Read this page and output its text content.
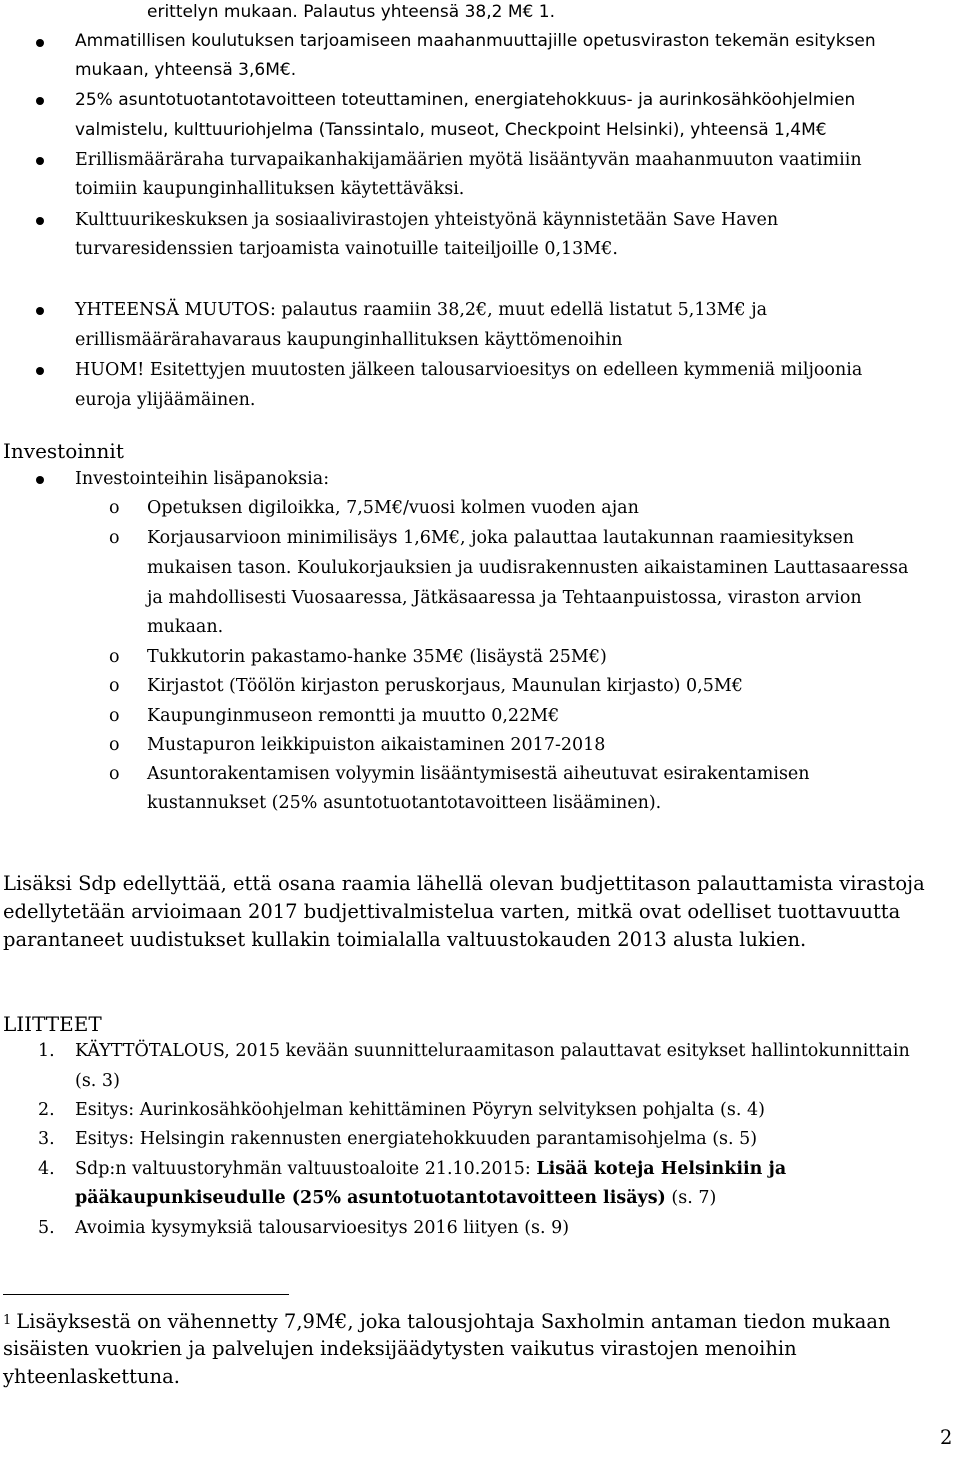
erittelyn mukaan. Palautus yhteensä 38,2 M€ 1.
Ammatillisen koulutuksen tarjoamiseen maahanmuuttajille opetusviraston tekemän esityksen
mukaan, yhteensä 3,6M€.
25% asuntotuotantotavoitteen toteuttaminen, energiatehokkuus- ja aurinkosähköohjelmien
valmistelu, kulttuuriohjelma (Tanssintalo, museot, Checkpoint Helsinki), yhteensä 1,4M€
Erillismääräraha turvapaikanhakijamäärien myötä lisääntyvän maahanmuuton vaatimiin
toimiin kaupunginhallituksen käytettäväksi.
Kulttuurikeskuksen ja sosiaalivirastojen yhteistyönä käynnistetään Save Haven
turvaresidenssien tarjoamista vainotuille taiteiljoille 0,13M€.
YHTEENSÄ MUUTOS: palautus raamiin 38,2€, muut edellä listatut 5,13M€ ja
erillismäärärahavaraus kaupunginhallituksen käyttömenoihin
HUOM! Esitettyjen muutosten jälkeen talousarvioesitys on edelleen kymmeniä miljoonia
euroja ylijäämäinen.
Investoinnit
Investointeihin lisäpanoksia:
o Opetuksen digiloikka, 7,5M€/vuosi kolmen vuoden ajan
o Korjausarvioon minimilisäys 1,6M€, joka palauttaa lautakunnan raamiesityksen
mukaisen tason. Koulukorjauksien ja uudisrakennusten aikaistaminen Lauttasaaressa
ja mahdollisesti Vuosaaressa, Jätkäsaaressa ja Tehtaanpuistossa, viraston arvion
mukaan.
o Tukkutorin pakastamo-hanke 35M€ (lisäystä 25M€)
o Kirjastot (Töölön kirjaston peruskorjaus, Maunulan kirjasto) 0,5M€
o Kaupunginmuseon remontti ja muutto 0,22M€
o Mustapuron leikkipuiston aikaistaminen 2017-2018
o Asuntorakentamisen volyymin lisääntymisestä aiheutuvat esirakentamisen
kustannukset (25% asuntotuotantotavoitteen lisääminen).
Lisäksi Sdp edellyttää, että osana raamia lähellä olevan budjettitason palauttamista virastoja
edellytetään arvioimaan 2017 budjettivalmistelua varten, mitkä ovat odelliset tuottavuutta
parantaneet uudistukset kullakin toimialalla valtuustokauden 2013 alusta lukien.
LIITTEET
1. KÄYTTÖTALOUS, 2015 kevään suunnitteluraamitason palauttavat esitykset hallintokunnittain
(s. 3)
2. Esitys: Aurinkosähköohjelman kehittäminen Pöyryn selvityksen pohjalta (s. 4)
3. Esitys: Helsingin rakennusten energiatehokkuuden parantamisohjelma (s. 5)
4. Sdp:n valtuustoryhmän valtuustoaloite 21.10.2015: Lisää koteja Helsinkiin ja
pääkaupunkiseudulle (25% asuntotuotantotavoitteen lisäys) (s. 7)
5. Avoimia kysymyksiä talousarvioesitys 2016 liityen (s. 9)
$^1$ Lisäyksestä on vähennetty 7,9M€, joka talousjohtaja Saxholmin antaman tiedon mukaan
sisäisten vuokrien ja palvelujen indeksijäädytysten vaikutus virastojen menoihin
yhteenlaskettuna.
2
